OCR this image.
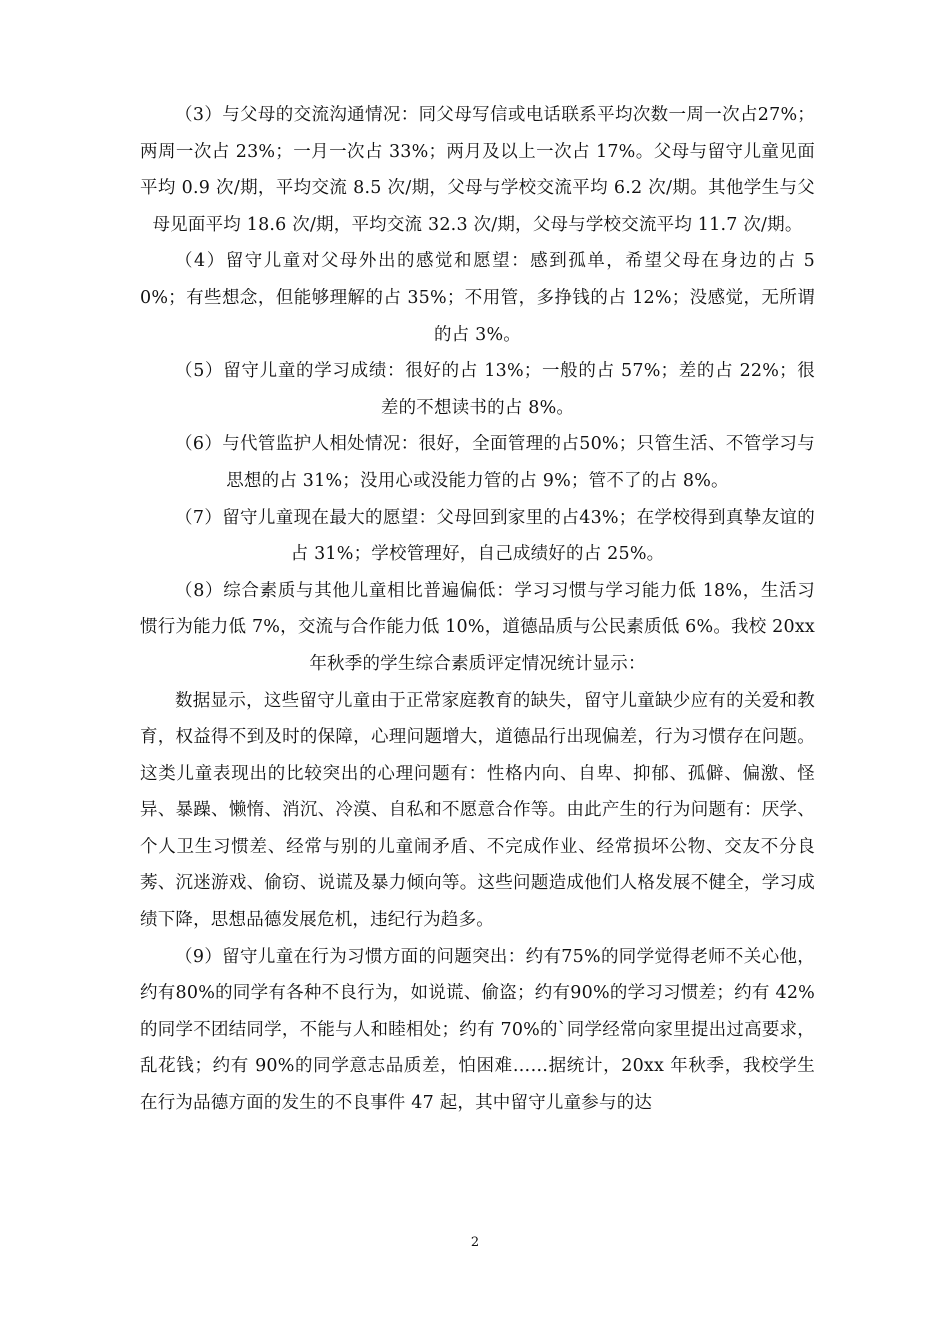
（3）与父母的交流沟通情况：同父母写信或电话联系平均次数一周一次占27%；两周一次占 23%；一月一次占 33%；两月及以上一次占 17%。父母与留守儿童见面平均 0.9 次/期，平均交流 8.5 次/期，父母与学校交流平均 6.2 次/期。其他学生与父母见面平均 18.6 次/期，平均交流 32.3 次/期，父母与学校交流平均 11.7 次/期。

（4）留守儿童对父母外出的感觉和愿望：感到孤单，希望父母在身边的占 50%；有些想念，但能够理解的占 35%；不用管，多挣钱的占 12%；没感觉，无所谓的占 3%。

（5）留守儿童的学习成绩：很好的占 13%；一般的占 57%；差的占 22%；很差的不想读书的占 8%。

（6）与代管监护人相处情况：很好，全面管理的占50%；只管生活、不管学习与思想的占 31%；没用心或没能力管的占 9%；管不了的占 8%。

（7）留守儿童现在最大的愿望：父母回到家里的占43%；在学校得到真挚友谊的占 31%；学校管理好，自己成绩好的占 25%。

（8）综合素质与其他儿童相比普遍偏低：学习习惯与学习能力低 18%，生活习惯行为能力低 7%，交流与合作能力低 10%，道德品质与公民素质低 6%。我校 20xx 年秋季的学生综合素质评定情况统计显示：

数据显示，这些留守儿童由于正常家庭教育的缺失，留守儿童缺少应有的关爱和教育，权益得不到及时的保障，心理问题增大，道德品行出现偏差，行为习惯存在问题。这类儿童表现出的比较突出的心理问题有：性格内向、自卑、抑郁、孤僻、偏激、怪异、暴躁、懒惰、消沉、冷漠、自私和不愿意合作等。由此产生的行为问题有：厌学、个人卫生习惯差、经常与别的儿童闹矛盾、不完成作业、经常损坏公物、交友不分良莠、沉迷游戏、偷窃、说谎及暴力倾向等。这些问题造成他们人格发展不健全，学习成绩下降，思想品德发展危机，违纪行为趋多。

（9）留守儿童在行为习惯方面的问题突出：约有75%的同学觉得老师不关心他，约有80%的同学有各种不良行为，如说谎、偷盗；约有90%的学习习惯差；约有 42%的同学不团结同学，不能与人和睦相处；约有 70%的`同学经常向家里提出过高要求，乱花钱；约有 90%的同学意志品质差，怕困难……据统计，20xx 年秋季，我校学生在行为品德方面的发生的不良事件 47 起，其中留守儿童参与的达

2
